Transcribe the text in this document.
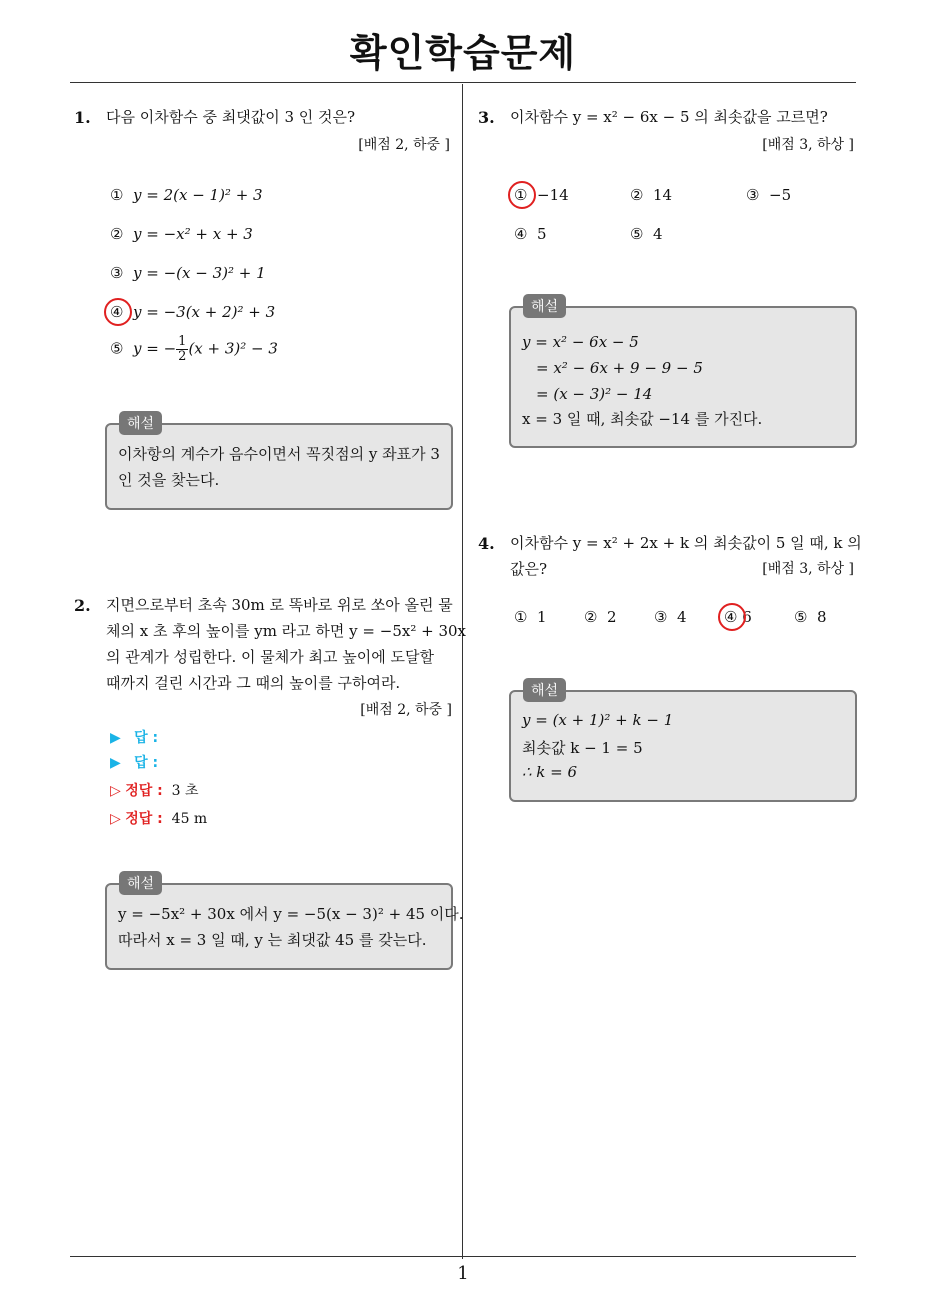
확인학습문제
1
1. 다음 이차함수 중 최댓값이 3 인 것은?
[배점 2, 하중 ]
① y = 2(x − 1)² + 3
② y = −x² + x + 3
③ y = −(x − 3)² + 1
④ y = −3(x + 2)² + 3
⑤ y = − $\frac{1}{2} (x + 3)^2 - 3$
해설
이차항의 계수가 음수이면서 꼭짓점의 y 좌표가 3
인 것을 찾는다.
2. 지면으로부터 초속 30m 로 똑바로 위로 쏘아 올린 물
체의 x 초 후의 높이를 ym 라고 하면 y = −5x² + 30x
의 관계가 성립한다. 이 물체가 최고 높이에 도달할
때까지 걸린 시간과 그 때의 높이를 구하여라.
[배점 2, 하중 ]
▶ 답 :
▶ 답 :
▷ 정답 : 3 초
▷ 정답 : 45 m
해설
y = −5x² + 30x 에서 y = −5(x − 3)² + 45 이다.
따라서 x = 3 일 때, y 는 최댓값 45 를 갖는다.
3. 이차함수 y = x² − 6x − 5 의 최솟값을 고르면?
[배점 3, 하상 ]
① −14	② 14	③ −5
④ 5	⑤ 4
해설
y = x² − 6x − 5
= x² − 6x + 9 − 9 − 5
= (x − 3)² − 14
x = 3 일 때, 최솟값 −14 를 가진다.
4. 이차함수 y = x² + 2x + k 의 최솟값이 5 일 때, k 의
값은?	[배점 3, 하상 ]
① 1 ② 2 ③ 4 ④ 6	⑤ 8
해설
y = (x + 1)² + k − 1
최솟값 k − 1 = 5
∴ k = 6
